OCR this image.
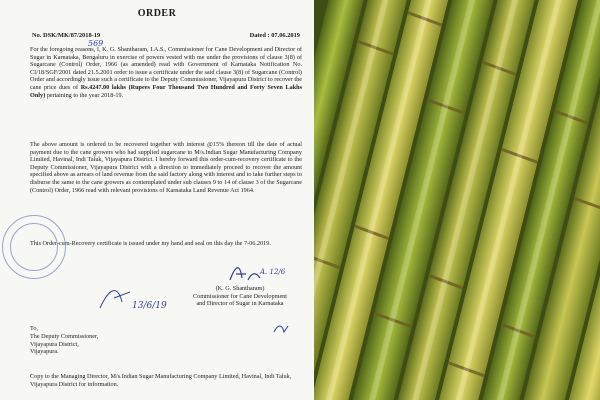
ORDER
No. DSK/MK/87/2018-19	Dated : 07.06.2019
569

For the foregoing reasons, I, K. G. Shantharam, I.A.S., Commissioner for Cane Development and Director of Sugar in Karnataka, Bengaluru in exercise of powers vested with me under the provisions of clause 3(8) of Sugarcane (Control) Order, 1966 (as amended) read with Government of Karnataka Notification No. CI/18/SGF/2001 dated 21.5.2001 order to issue a certificate under the said clause 3(8) of Sugarcane (Control) Order and accordingly issue such a certificate to the Deputy Commissioner, Vijayapura District to recover the cane price dues of Rs.4247.00 lakhs (Rupees Four Thousand Two Hundred and Forty Seven Lakhs Only) pertaining to the year 2018-19.

The above amount is ordered to be recovered together with interest @15% thereon till the date of actual payment due to the cane growers who had supplied sugarcane to M/s.Indian Sugar Manufacturing Company Limited, Havinal, Indi Taluk, Vijayapura District. I hereby forward this order-cum-recovery certificate to the Deputy Commissioner, Vijayapura District with a direction to immediately proceed to recover the amount specified above as arrears of land revenue from the said factory along with interest and to take further steps to disburse the same to the cane growers as contemplated under sub clauses 9 to 14 of clause 3 of the Sugarcane (Control) Order, 1966 read with relevant provisions of Karnataka Land Revenue Act 1964.

This Order-cum-Recovery certificate is issued under my hand and seal on this day the 7-06.2019.

A. 12/6
(K. G. Shantharam)
Commissioner for Cane Development
and Director of Sugar in Karnataka
13/6/19
To,
The Deputy Commissioner,
Vijayapura District,
Vijayapura.
Copy to the Managing Director, M/s.Indian Sugar Manufacturing Company Limited, Havinal, Indi Taluk, Vijayapura District for information.
